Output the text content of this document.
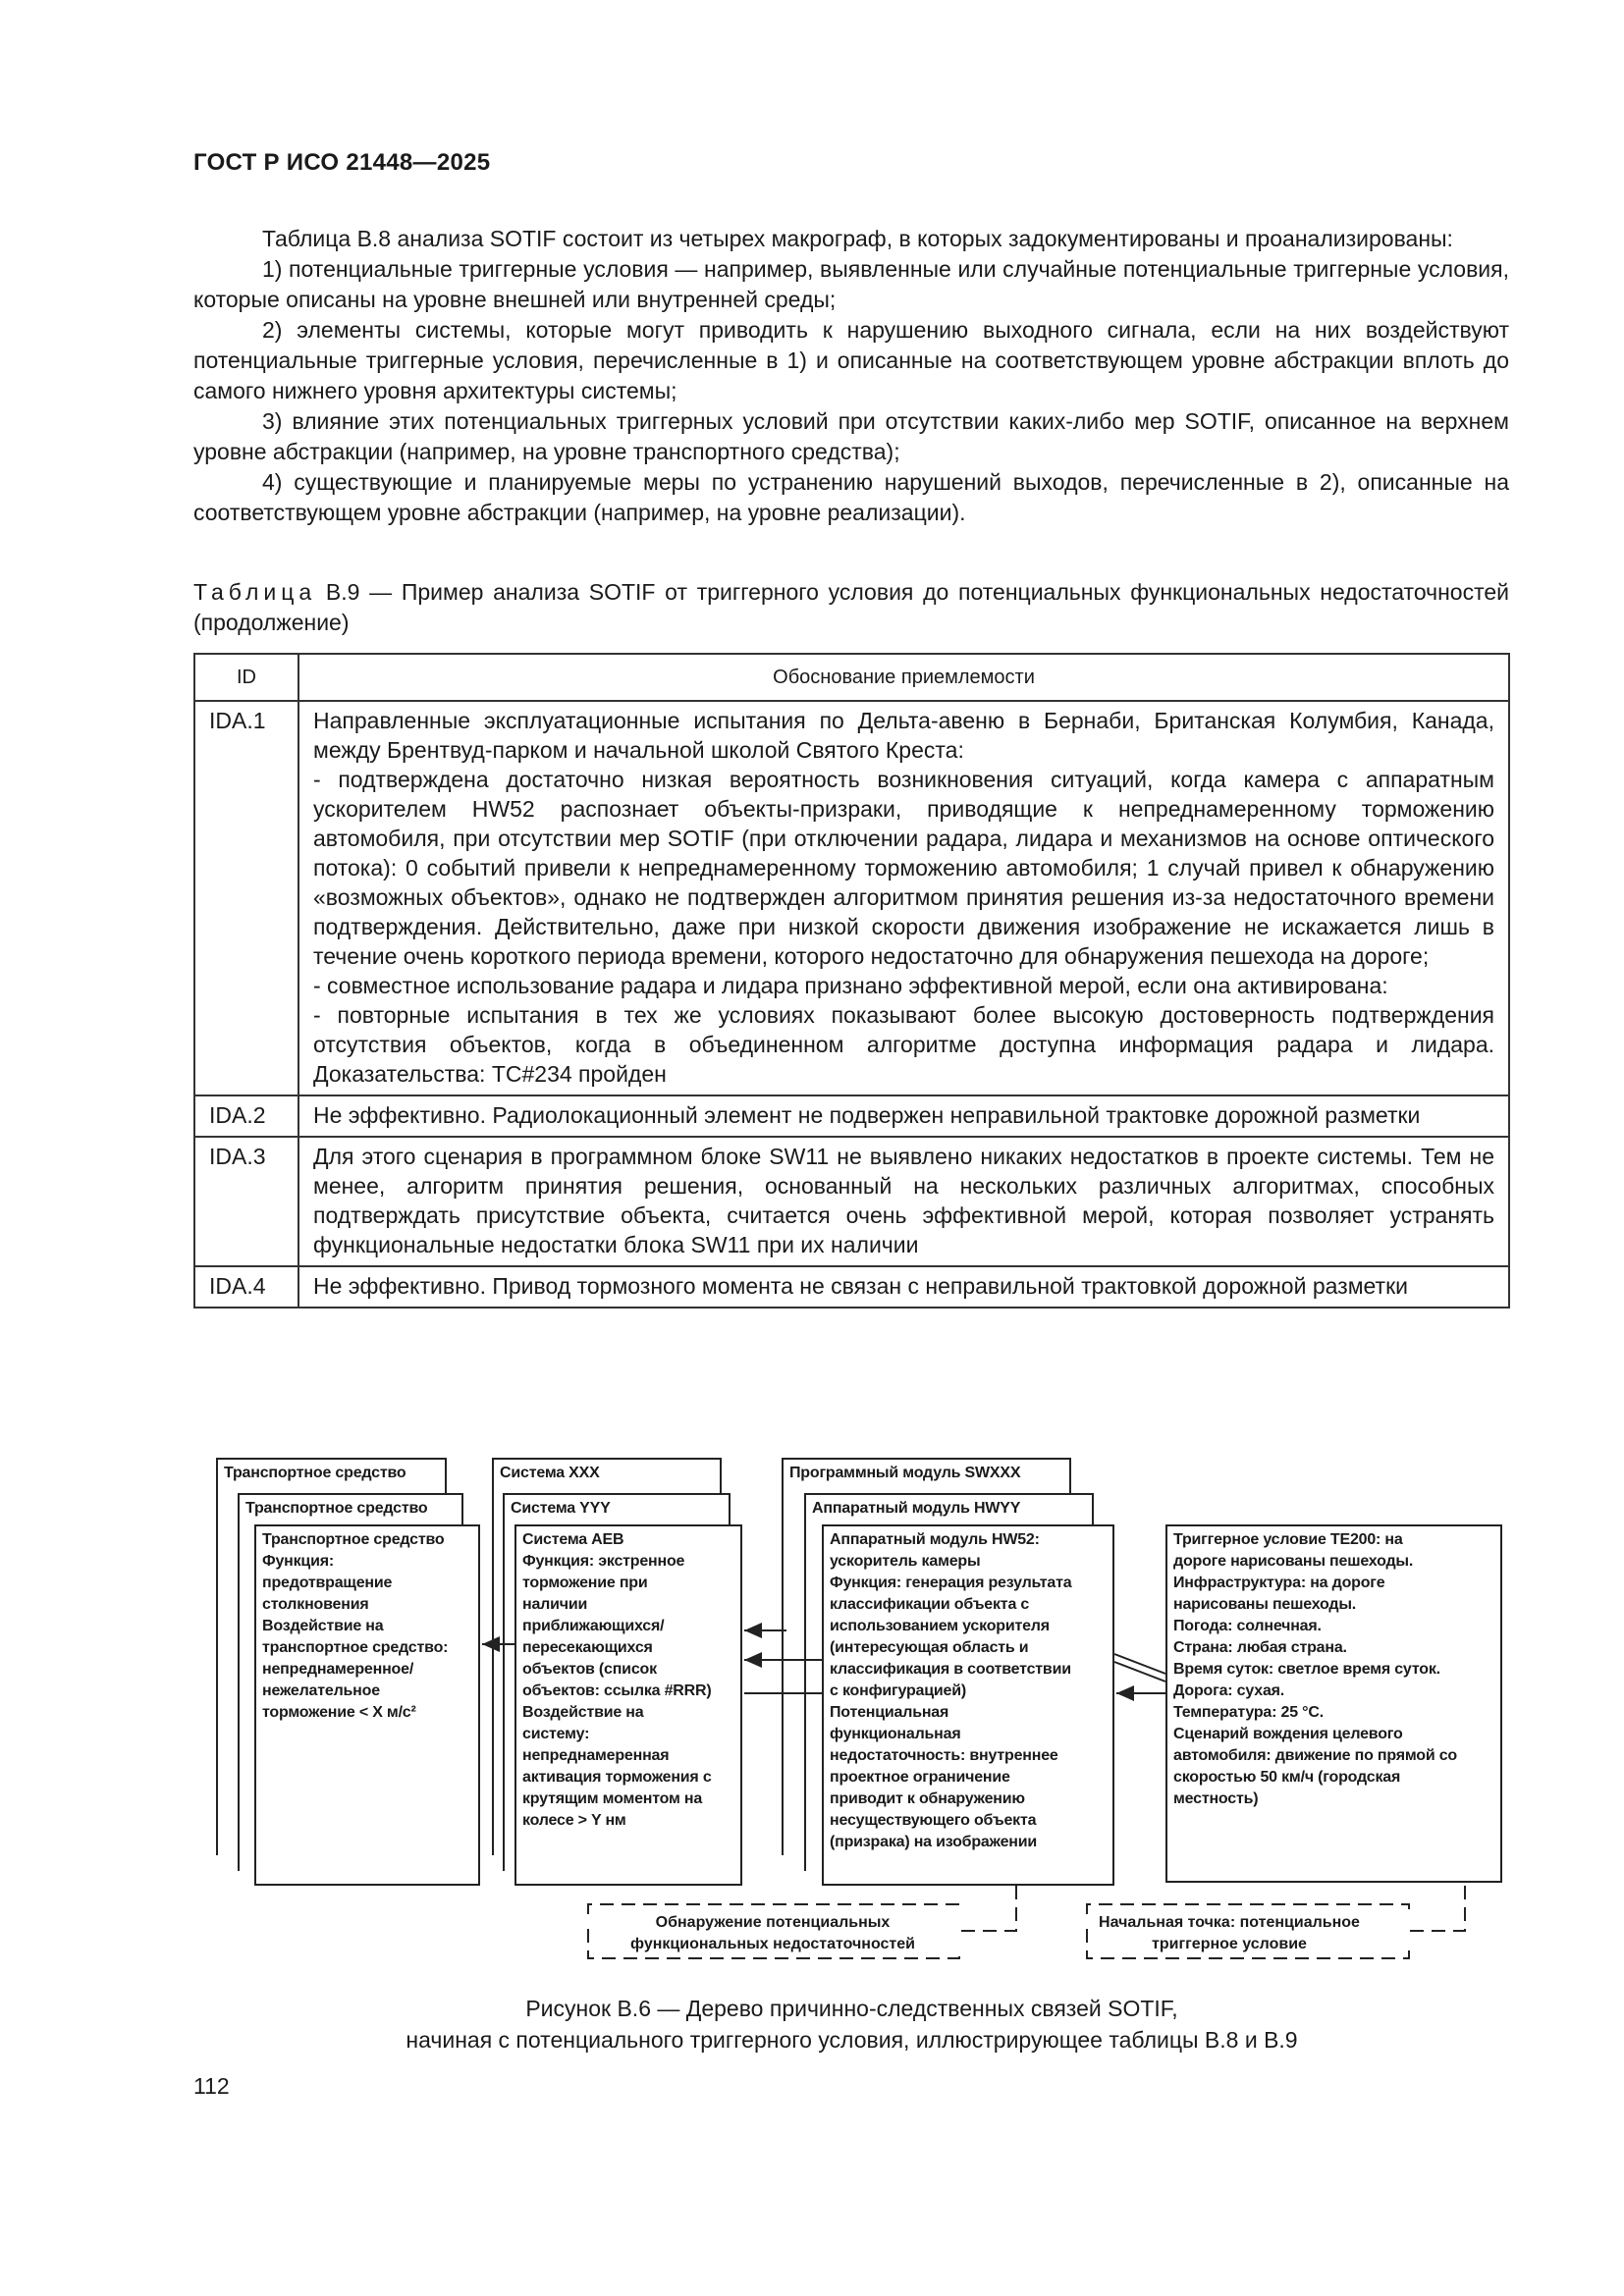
ГОСТ Р ИСО 21448—2025

Таблица В.8 анализа SOTIF состоит из четырех макрограф, в которых задокументированы и проанализированы:

1) потенциальные триггерные условия — например, выявленные или случайные потенциальные триггерные условия, которые описаны на уровне внешней или внутренней среды;

2) элементы системы, которые могут приводить к нарушению выходного сигнала, если на них воздействуют потенциальные триггерные условия, перечисленные в 1) и описанные на соответствующем уровне абстракции вплоть до самого нижнего уровня архитектуры системы;

3) влияние этих потенциальных триггерных условий при отсутствии каких-либо мер SOTIF, описанное на верхнем уровне абстракции (например, на уровне транспортного средства);

4) существующие и планируемые меры по устранению нарушений выходов, перечисленные в 2), описанные на соответствующем уровне абстракции (например, на уровне реализации).

Таблица В.9 — Пример анализа SOTIF от триггерного условия до потенциальных функциональных недостаточностей (продолжение)
ID	Обоснование приемлемости
IDA.1	Направленные эксплуатационные испытания по Дельта-авеню в Бернаби, Британская Колумбия, Канада, между Брентвуд-парком и начальной школой Святого Креста:
- подтверждена достаточно низкая вероятность возникновения ситуаций, когда камера с аппаратным ускорителем HW52 распознает объекты-призраки, приводящие к непреднамеренному торможению автомобиля, при отсутствии мер SOTIF (при отключении радара, лидара и механизмов на основе оптического потока): 0 событий привели к непреднамеренному торможению автомобиля; 1 случай привел к обнаружению «возможных объектов», однако не подтвержден алгоритмом принятия решения из-за недостаточного времени подтверждения. Действительно, даже при низкой скорости движения изображение не искажается лишь в течение очень короткого периода времени, которого недостаточно для обнаружения пешехода на дороге;
- совместное использование радара и лидара признано эффективной мерой, если она активирована:
- повторные испытания в тех же условиях показывают более высокую достоверность подтверждения отсутствия объектов, когда в объединенном алгоритме доступна информация радара и лидара. Доказательства: ТС#234 пройден
IDA.2	Не эффективно. Радиолокационный элемент не подвержен неправильной трактовке дорожной разметки
IDA.3	Для этого сценария в программном блоке SW11 не выявлено никаких недостатков в проекте системы. Тем не менее, алгоритм принятия решения, основанный на нескольких различных алгоритмах, способных подтверждать присутствие объекта, считается очень эффективной мерой, которая позволяет устранять функциональные недостатки блока SW11 при их наличии
IDA.4	Не эффективно. Привод тормозного момента не связан с неправильной трактовкой дорожной разметки
Транспортное средство
Транспортное средство
Транспортное средство
Функция:
предотвращение
столкновения
Воздействие на
транспортное средство:
непреднамеренное/
нежелательное
торможение < X м/с²
Система XXX
Система YYY
Система AEB
Функция: экстренное
торможение при
наличии
приближающихся/
пересекающихся
объектов (список
объектов: ссылка #RRR)
Воздействие на
систему:
непреднамеренная
активация торможения с
крутящим моментом на
колесе > Y нм
Программный модуль SWXXX
Аппаратный модуль HWYY
Аппаратный модуль HW52:
ускоритель камеры
Функция: генерация результата
классификации объекта с
использованием ускорителя
(интересующая область и
классификация в соответствии
с конфигурацией)
Потенциальная
функциональная
недостаточность: внутреннее
проектное ограничение
приводит к обнаружению
несуществующего объекта
(призрака) на изображении
Триггерное условие TE200: на
дороге нарисованы пешеходы.
Инфраструктура: на дороге
нарисованы пешеходы.
Погода: солнечная.
Страна: любая страна.
Время суток: светлое время суток.
Дорога: сухая.
Температура: 25 °C.
Сценарий вождения целевого
автомобиля: движение по прямой со
скоростью 50 км/ч (городская
местность)
Обнаружение потенциальных
функциональных недостаточностей
Начальная точка: потенциальное
триггерное условие
Рисунок В.6 — Дерево причинно-следственных связей SOTIF,
начиная с потенциального триггерного условия, иллюстрирующее таблицы В.8 и В.9
112
